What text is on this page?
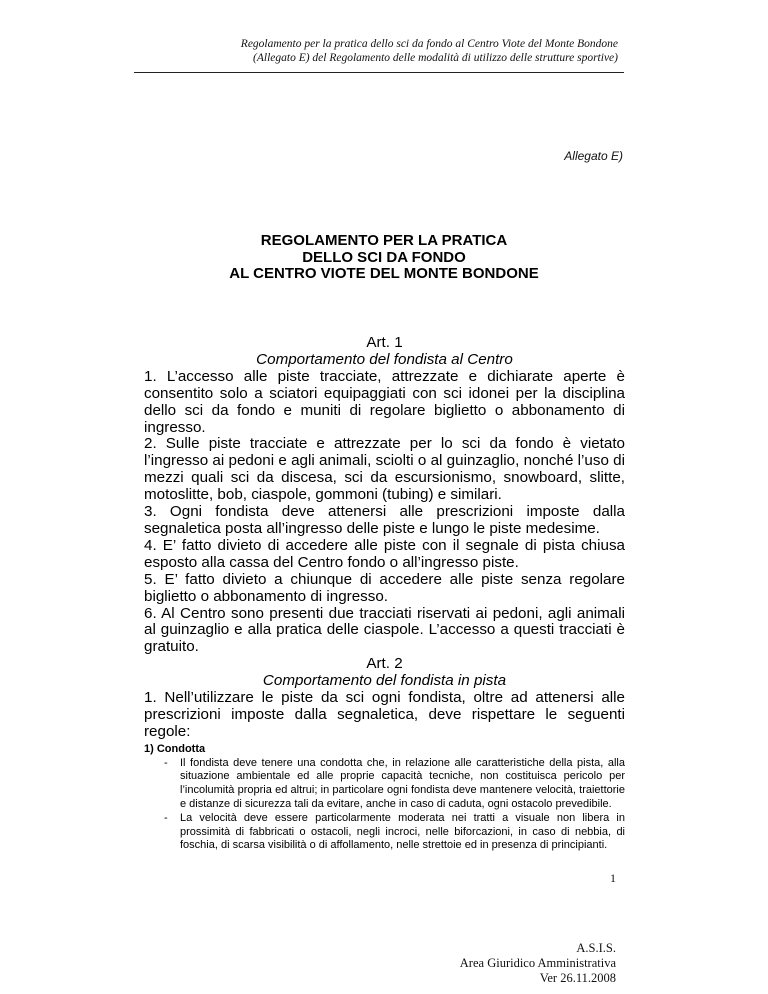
Regolamento per la pratica dello sci da fondo al Centro Viote del Monte Bondone
(Allegato E) del Regolamento delle modalità di utilizzo delle strutture sportive)
Allegato E)
REGOLAMENTO PER LA PRATICA
DELLO SCI DA FONDO
AL CENTRO VIOTE DEL MONTE BONDONE

Art. 1

Comportamento del fondista al Centro

1. L’accesso alle piste tracciate, attrezzate e dichiarate aperte è consentito solo a sciatori equipaggiati con sci idonei per la disciplina dello sci da fondo e muniti di regolare biglietto o abbonamento di ingresso.

2. Sulle piste tracciate e attrezzate per lo sci da fondo è vietato l’ingresso ai pedoni e agli animali, sciolti o al guinzaglio, nonché l’uso di mezzi quali sci da discesa, sci da escursionismo, snowboard, slitte, motoslitte, bob, ciaspole, gommoni (tubing) e similari.

3. Ogni fondista deve attenersi alle prescrizioni imposte dalla segnaletica posta all’ingresso delle piste e lungo le piste medesime.

4. E’ fatto divieto di accedere alle piste con il segnale di pista chiusa esposto alla cassa del Centro fondo o all’ingresso piste.

5. E’ fatto divieto a chiunque di accedere alle piste senza regolare biglietto o abbonamento di ingresso.

6. Al Centro sono presenti due tracciati riservati ai pedoni, agli animali al guinzaglio e alla pratica delle ciaspole. L’accesso a questi tracciati è gratuito.

Art. 2

Comportamento del fondista in pista

1. Nell’utilizzare le piste da sci ogni fondista, oltre ad attenersi alle prescrizioni imposte dalla segnaletica, deve rispettare le seguenti regole:

1) Condotta
- Il fondista deve tenere una condotta che, in relazione alle caratteristiche della pista, alla situazione ambientale ed alle proprie capacità tecniche, non costituisca pericolo per l’incolumità propria ed altrui; in particolare ogni fondista deve mantenere velocità, traiettorie e distanze di sicurezza tali da evitare, anche in caso di caduta, ogni ostacolo prevedibile.
- La velocità deve essere particolarmente moderata nei tratti a visuale non libera in prossimità di fabbricati o ostacoli, negli incroci, nelle biforcazioni, in caso di nebbia, di foschia, di scarsa visibilità o di affollamento, nelle strettoie ed in presenza di principianti.
1
A.S.I.S.
Area Giuridico Amministrativa
Ver 26.11.2008
